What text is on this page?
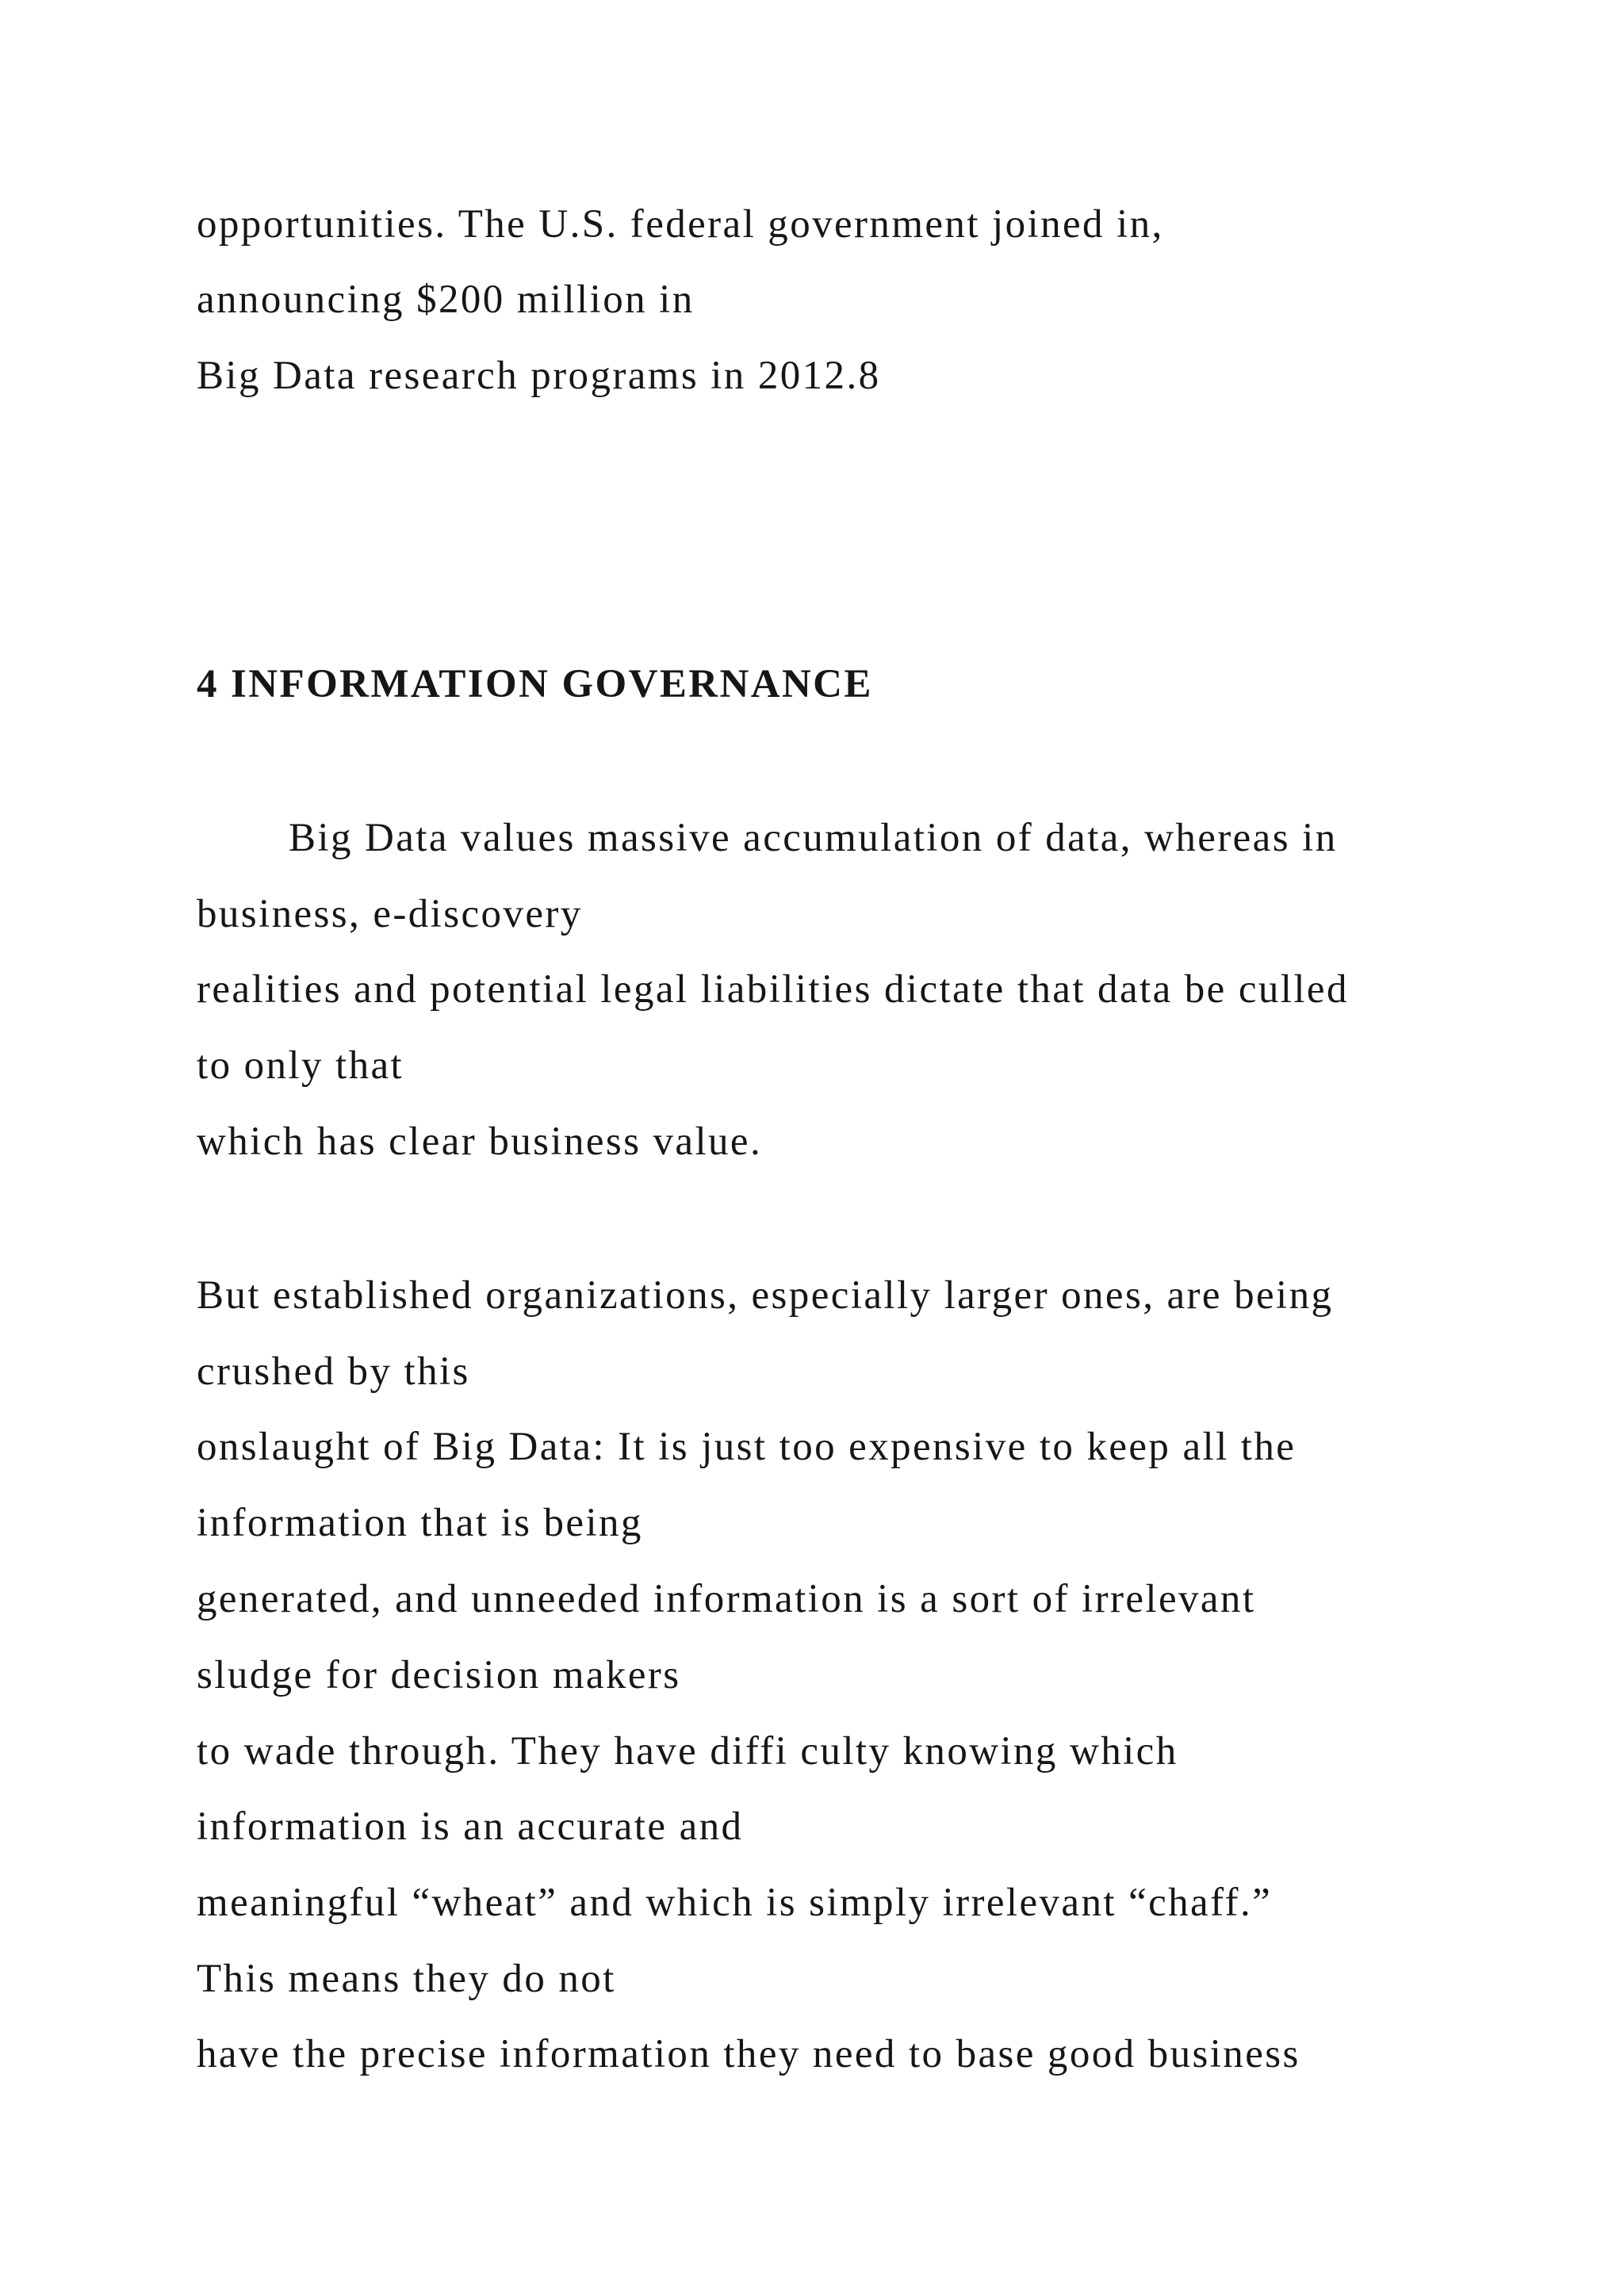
opportunities. The U.S. federal government joined in,

announcing $200 million in

Big Data research programs in 2012.8

4 INFORMATION GOVERNANCE

Big Data values massive accumulation of data, whereas in

business, e-discovery

realities and potential legal liabilities dictate that data be culled

to only that

which has clear business value.

But established organizations, especially larger ones, are being

crushed by this

onslaught of Big Data: It is just too expensive to keep all the

information that is being

generated, and unneeded information is a sort of irrelevant

sludge for decision makers

to wade through. They have diffi culty knowing which

information is an accurate and

meaningful “wheat” and which is simply irrelevant “chaff.”

This means they do not

have the precise information they need to base good business
